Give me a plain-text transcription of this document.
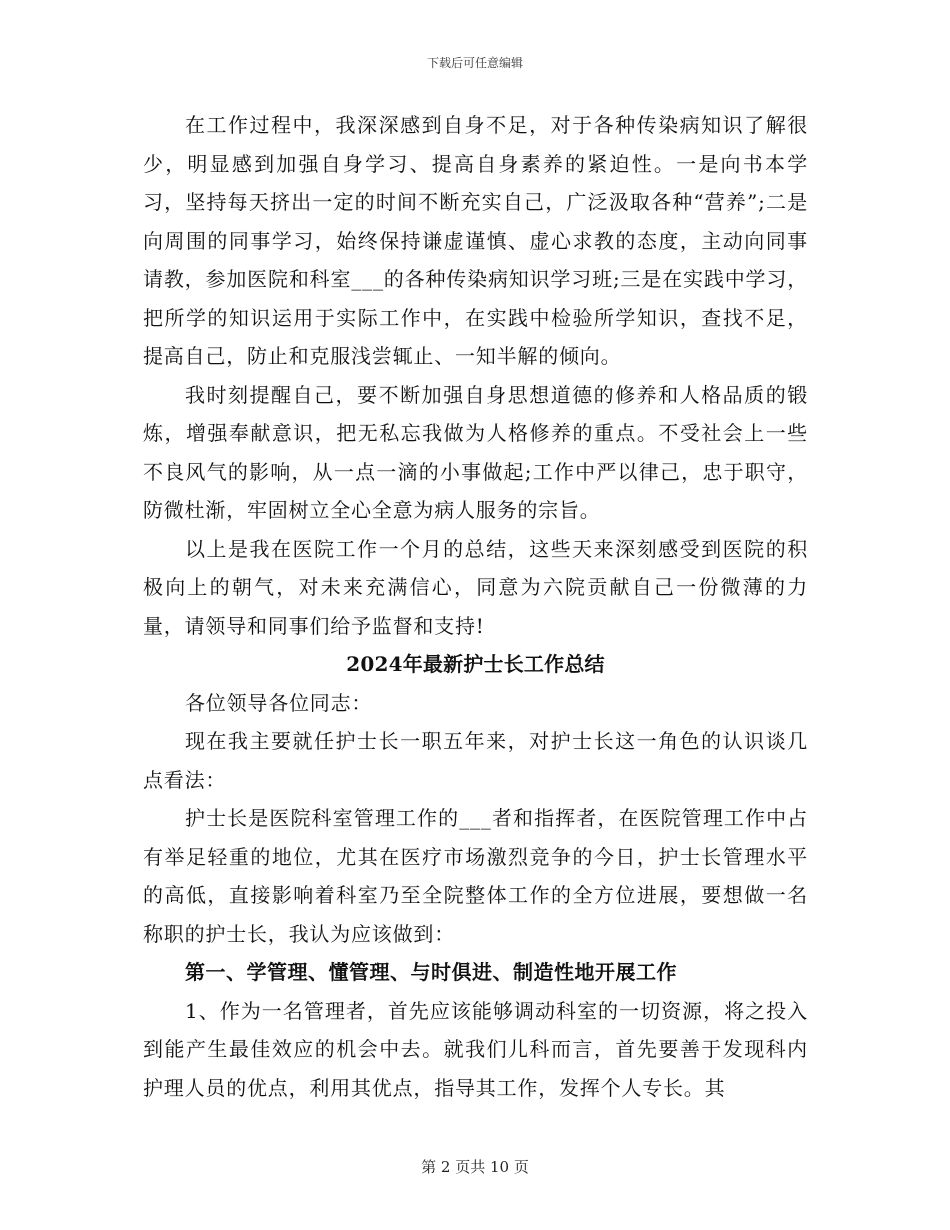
下载后可任意编辑

在工作过程中，我深深感到自身不足，对于各种传染病知识了解很少，明显感到加强自身学习、提高自身素养的紧迫性。一是向书本学习，坚持每天挤出一定的时间不断充实自己，广泛汲取各种“营养”;二是向周围的同事学习，始终保持谦虚谨慎、虚心求教的态度，主动向同事请教，参加医院和科室___的各种传染病知识学习班;三是在实践中学习，把所学的知识运用于实际工作中，在实践中检验所学知识，查找不足，提高自己，防止和克服浅尝辄止、一知半解的倾向。

我时刻提醒自己，要不断加强自身思想道德的修养和人格品质的锻炼，增强奉献意识，把无私忘我做为人格修养的重点。不受社会上一些不良风气的影响，从一点一滴的小事做起;工作中严以律己，忠于职守，防微杜渐，牢固树立全心全意为病人服务的宗旨。

以上是我在医院工作一个月的总结，这些天来深刻感受到医院的积极向上的朝气，对未来充满信心，同意为六院贡献自己一份微薄的力量，请领导和同事们给予监督和支持!

2024年最新护士长工作总结

各位领导各位同志：

现在我主要就任护士长一职五年来，对护士长这一角色的认识谈几点看法：

护士长是医院科室管理工作的___者和指挥者，在医院管理工作中占有举足轻重的地位，尤其在医疗市场激烈竞争的今日，护士长管理水平的高低，直接影响着科室乃至全院整体工作的全方位进展，要想做一名称职的护士长，我认为应该做到：

第一、学管理、懂管理、与时俱进、制造性地开展工作

1、作为一名管理者，首先应该能够调动科室的一切资源，将之投入到能产生最佳效应的机会中去。就我们儿科而言，首先要善于发现科内护理人员的优点，利用其优点，指导其工作，发挥个人专长。其

第 2 页共 10 页
